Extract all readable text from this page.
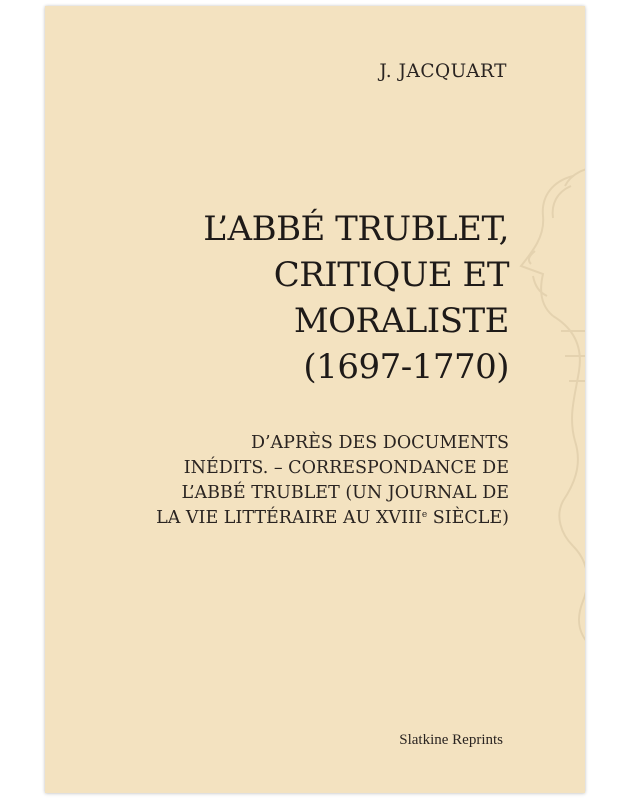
J. JACQUART
L’ABBÉ TRUBLET,
CRITIQUE ET
MORALISTE
(1697-1770)
D’APRÈS DES DOCUMENTS
INÉDITS. – CORRESPONDANCE DE
L’ABBÉ TRUBLET (UN JOURNAL DE
LA VIE LITTÉRAIRE AU XVIIIe SIÈCLE)
Slatkine Reprints
